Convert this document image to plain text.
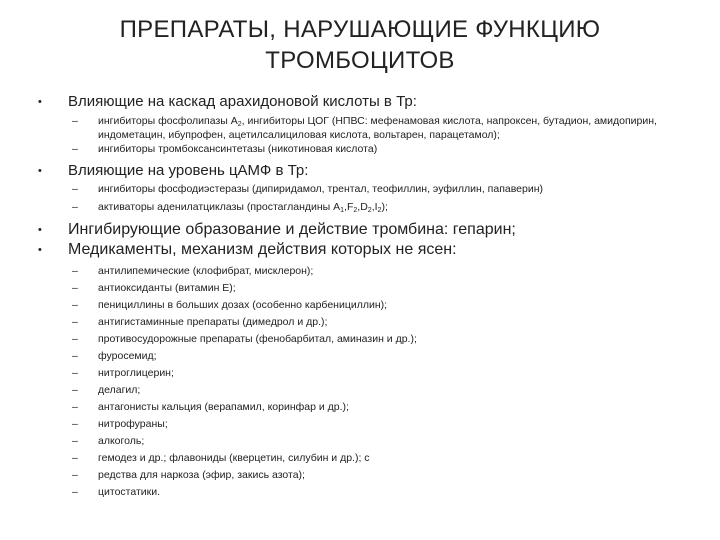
ПРЕПАРАТЫ, НАРУШАЮЩИЕ ФУНКЦИЮ
ТРОМБОЦИТОВ
• Влияющие на каскад арахидоновой кислоты в Тр:
– ингибиторы фосфолипазы $А_2$, ингибиторы ЦОГ (НПВС: мефенамовая кислота, напроксен, бутадион, амидопирин,
индометацин, ибупрофен, ацетилсалициловая кислота, вольтарен, парацетамол);
– ингибиторы тромбоксансинтетазы (никотиновая кислота)
• Влияющие на уровень цАМФ в Тр:
– ингибиторы фосфодиэстеразы (дипиридамол, трентал, теофиллин, эуфиллин, папаверин)
– активаторы аденилатциклазы (простагландины $А_1,F_2,D_2,I_2$);
• Ингибирующие образование и действие тромбина: гепарин;
• Медикаменты, механизм действия которых не ясен:
– антилипемические (клофибрат, мисклерон);
– антиоксиданты (витамин Е);
– пенициллины в больших дозах (особенно карбенициллин);
– антигистаминные препараты (димедрол и др.);
– противосудорожные препараты (фенобарбитал, аминазин и др.);
– фуросемид;
– нитроглицерин;
– делагил;
– антагонисты кальция (верапамил, коринфар и др.);
– нитрофураны;
– алкоголь;
– гемодез и др.; флавониды (кверцетин, силубин и др.); с
– редства для наркоза (эфир, закись азота);
– цитостатики.
